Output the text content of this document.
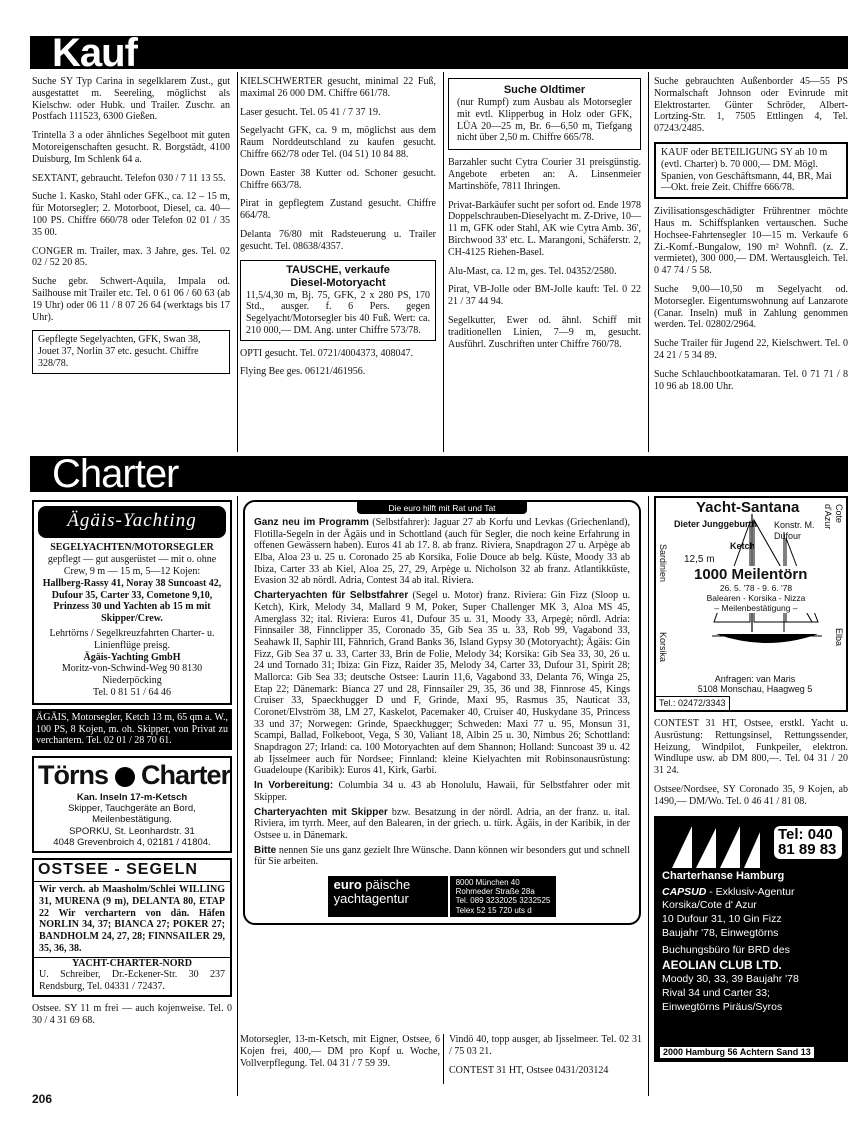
Kauf

Suche SY Typ Carina in segelklarem Zust., gut ausgestattet m. Seereling, möglichst als Kielschw. oder Hubk. und Trailer. Zuschr. an Postfach 111523, 6300 Gießen.

Trintella 3 a oder ähnliches Segelboot mit guten Motoreigenschaften gesucht. R. Borgstädt, 4100 Duisburg, Im Schlenk 64 a.

SEXTANT, gebraucht. Telefon 030 / 7 11 13 55.

Suche 1. Kasko, Stahl oder GFK., ca. 12 – 15 m, für Motorsegler; 2. Motorboot, Diesel, ca. 40—100 PS. Chiffre 660/78 oder Telefon 02 01 / 35 35 00.

CONGER m. Trailer, max. 3 Jahre, ges. Tel. 02 02 / 52 20 85.

Suche gebr. Schwert-Aquila, Impala od. Sailhouse mit Trailer etc. Tel. 0 61 06 / 60 63 (ab 19 Uhr) oder 06 11 / 8 07 26 64 (werktags bis 17 Uhr).

Gepflegte Segelyachten, GFK, Swan 38, Jouet 37, Norlin 37 etc. gesucht. Chiffre 328/78.

KIELSCHWERTER gesucht, minimal 22 Fuß, maximal 26 000 DM. Chiffre 661/78.

Laser gesucht. Tel. 05 41 / 7 37 19.

Segelyacht GFK, ca. 9 m, möglichst aus dem Raum Norddeutschland zu kaufen gesucht. Chiffre 662/78 oder Tel. (04 51) 10 84 88.

Down Easter 38 Kutter od. Schoner gesucht. Chiffre 663/78.

Pirat in gepflegtem Zustand gesucht. Chiffre 664/78.

Delanta 76/80 mit Radsteuerung u. Trailer gesucht. Tel. 08638/4357.

TAUSCHE, verkaufe
Diesel-Motoryacht
11,5/4,30 m, Bj. 75, GFK, 2 x 280 PS, 170 Std., ausger. f. 6 Pers. gegen Segelyacht/Motorsegler bis 40 Fuß. Wert: ca. 210 000,— DM. Ang. unter Chiffre 573/78.

OPTI gesucht. Tel. 0721/4004373, 408047.

Flying Bee ges. 06121/461956.

Suche Oldtimer
(nur Rumpf) zum Ausbau als Motorsegler mit evtl. Klipperbug in Holz oder GFK, LÜA 20—25 m, Br. 6—6,50 m, Tiefgang nicht über 2,50 m. Chiffre 665/78.

Barzahler sucht Cytra Courier 31 preisgünstig. Angebote erbeten an: A. Linsenmeier Martinshöfe, 7811 Ihringen.

Privat-Barkäufer sucht per sofort od. Ende 1978 Doppelschrauben-Dieselyacht m. Z-Drive, 10—11 m, GFK oder Stahl, AK wie Cytra Amb. 36', Birchwood 33' etc. L. Marangoni, Schäferstr. 2, CH-4125 Riehen-Basel.

Alu-Mast, ca. 12 m, ges. Tel. 04352/2580.

Pirat, VB-Jolle oder BM-Jolle kauft: Tel. 0 22 21 / 37 44 94.

Segelkutter, Ewer od. ähnl. Schiff mit traditionellen Linien, 7—9 m, gesucht. Ausführl. Zuschriften unter Chiffre 760/78.

Suche gebrauchten Außenborder 45—55 PS Normalschaft Johnson oder Evinrude mit Elektrostarter. Günter Schröder, Albert-Lortzing-Str. 1, 7505 Ettlingen 4, Tel. 07243/2485.

KAUF oder BETEILIGUNG SY ab 10 m (evtl. Charter) b. 70 000,— DM. Mögl. Spanien, von Geschäftsmann, 44, BR, Mai—Okt. freie Zeit. Chiffre 666/78.

Zivilisationsgeschädigter Frührentner möchte Haus m. Schiffsplanken vertauschen. Suche Hochsee-Fahrtensegler 10—15 m. Verkaufe 6 Zi.-Komf.-Bungalow, 190 m² Wohnfl. (z. Z. vermietet), 300 000,— DM. Wertausgleich. Tel. 0 47 74 / 5 58.

Suche 9,00—10,50 m Segelyacht od. Motorsegler. Eigentumswohnung auf Lanzarote (Canar. Inseln) muß in Zahlung genommen werden. Tel. 02802/2964.

Suche Trailer für Jugend 22, Kielschwert. Tel. 0 24 21 / 5 34 89.

Suche Schlauchbootkatamaran. Tel. 0 71 71 / 8 10 96 ab 18.00 Uhr.

Charter
Ägäis-Yachting
SEGELYACHTEN/MOTORSEGLER
gepflegt — gut ausgerüstet — mit o. ohne Crew, 9 m — 15 m, 5—12 Kojen:
Hallberg-Rassy 41, Noray 38 Suncoast 42, Dufour 35, Carter 33, Cometone 9,10, Prinzess 30 und Yachten ab 15 m mit Skipper/Crew.
Lehrtörns / Segelkreuzfahrten Charter- u. Linienflüge preisg.
Ägäis-Yachting GmbH
Moritz-von-Schwind-Weg 90 8130 Niederpöcking
Tel. 0 81 51 / 64 46
ÄGÄIS, Motorsegler, Ketch 13 m, 65 qm a. W., 100 PS, 8 Kojen, m. oh. Skipper, von Privat zu verchartern. Tel. 02 01 / 28 70 61.
Törns Charter
Kan. Inseln 17-m-Ketsch
Skipper, Tauchgeräte an Bord, Meilenbestätigung.
SPORKU, St. Leonhardstr. 31
4048 Grevenbroich 4, 02181 / 41804.
OSTSEE - SEGELN
Wir verch. ab Maasholm/Schlei WILLING 31, MURENA (9 m), DELANTA 80, ETAP 22 Wir verchartern von dän. Häfen NORLIN 34, 37; BIANCA 27; POKER 27; BANDHOLM 24, 27, 28; FINNSAILER 29, 35, 36, 38.
YACHT-CHARTER-NORD
U. Schreiber, Dr.-Eckener-Str. 30 237 Rendsburg, Tel. 04331 / 72437.

Ostsee. SY 11 m frei — auch kojenweise. Tel. 0 30 / 4 31 69 68.

Die euro hilft mit Rat und Tat

Ganz neu im Programm (Selbstfahrer): Jaguar 27 ab Korfu und Levkas (Griechenland), Flotilla-Segeln in der Ägäis und in Schottland (auch für Segler, die noch keine Erfahrung in offenen Gewässern haben). Euros 41 ab 17. 8. ab franz. Riviera, Snapdragon 27 u. Arpège ab Elba, Aloa 23 u. 25 u. Coronado 25 ab Korsika, Folie Douce ab belg. Küste, Moody 33 ab Ibiza, Carter 33 ab Kiel, Aloa 25, 27, 29, Arpège u. Nicholson 32 ab franz. Atlantikküste, Evasion 32 ab nördl. Adria, Contest 34 ab ital. Riviera.

Charteryachten für Selbstfahrer (Segel u. Motor) franz. Riviera: Gin Fizz (Sloop u. Ketch), Kirk, Melody 34, Mallard 9 M, Poker, Super Challenger MK 3, Aloa MS 45, Amerglass 32; ital. Riviera: Euros 41, Dufour 35 u. 31, Moody 33, Arpegè; nördl. Adria: Finnsailer 38, Finnclipper 35, Coronado 35, Gib Sea 35 u. 33, Rob 99, Vagabond 33, Seahawk II, Saphir III, Fähnrich, Grand Banks 36, Island Gypsy 30 (Motoryacht); Ägäis: Gin Fizz, Gib Sea 37 u. 33, Carter 33, Brin de Folie, Melody 34; Korsika: Gib Sea 33, 30, 26 u. 24 und Tornado 31; Ibiza: Gin Fizz, Raider 35, Melody 34, Carter 33, Dufour 31, Spirit 28; Mallorca: Gib Sea 33; deutsche Ostsee: Laurin 11,6, Vagabond 33, Delanta 76, Winga 25, Etap 22; Dänemark: Bianca 27 und 28, Finnsailer 29, 35, 36 und 38, Finnrose 45, Kings Cruiser 33, Spaeckhugger D und F, Grinde, Maxi 95, Rasmus 35, Nauticat 33, Coronet/Elvström 38, LM 27, Kaskelot, Pacemaker 40, Cruiser 40, Huskydane 35, Princess 33 und 37; Norwegen: Grinde, Spaeckhugger; Schweden: Maxi 77 u. 95, Monsun 31, Scampi, Ballad, Folkeboot, Vega, S 30, Valiant 18, Albin 25 u. 30, Nimbus 26; Schottland: Snapdragon 27; Irland: ca. 100 Motoryachten auf dem Shannon; Holland: Suncoast 39 u. 42 ab Ijsselmeer auch für Nordsee; Finnland: kleine Kielyachten mit Robinsonausrüstung: Guadeloupe (Karibik): Euros 41, Kirk, Garbi.

In Vorbereitung: Columbia 34 u. 43 ab Honolulu, Hawaii, für Selbstfahrer oder mit Skipper.

Charteryachten mit Skipper bzw. Besatzung in der nördl. Adria, an der franz. u. ital. Riviera, im tyrrh. Meer, auf den Balearen, in der griech. u. türk. Ägäis, in der Karibik, in der Ostsee u. in Dänemark.

Bitte nennen Sie uns ganz gezielt Ihre Wünsche. Dann können wir besonders gut und schnell für Sie arbeiten.

euro päische yachtagentur
8000 München 40
Rohmeder Straße 28a
Tel. 089 3232025 3232525
Telex 52 15 720 uts d

Motorsegler, 13-m-Ketsch, mit Eigner, Ostsee, 6 Kojen frei, 400,— DM pro Kopf u. Woche, Vollverpflegung. Tel. 04 31 / 7 59 39.

Vindö 40, topp ausger, ab Ijsselmeer. Tel. 02 31 / 75 03 21.

CONTEST 31 HT, Ostsee 0431/203124

Yacht-Santana
Dieter Junggeburth Konstr. M. Dufour
Ketch
12,5 m
Sardinien
Cote d'Azur
Korsika	Elba
1000 Meilentörn
26. 5. '78 - 9. 6. '78
Balearen - Korsika - Nizza
– Meilenbestätigung –
Anfragen: van Maris
5108 Monschau, Haagweg 5
Tel.: 02472/3343

CONTEST 31 HT, Ostsee, erstkl. Yacht u. Ausrüstung: Rettungsinsel, Rettungssender, Heizung, Windpilot, Funkpeiler, elektron. Windlupe usw. ab DM 800,—. Tel. 04 31 / 20 31 24.

Ostsee/Nordsee, SY Coronado 35, 9 Kojen, ab 1490,— DM/Wo. Tel. 0 46 41 / 81 08.

Tel: 040 81 89 83
Charterhanse Hamburg
CAPSUD - Exklusiv-Agentur
Korsika/Cote d' Azur
10 Dufour 31, 10 Gin Fizz
Baujahr '78, Einwegtörns
Buchungsbüro für BRD des
AEOLIAN CLUB LTD.
Moody 30, 33, 39 Baujahr '78
Rival 34 und Carter 33;
Einwegtörns Piräus/Syros
2000 Hamburg 56 Achtern Sand 13
206
